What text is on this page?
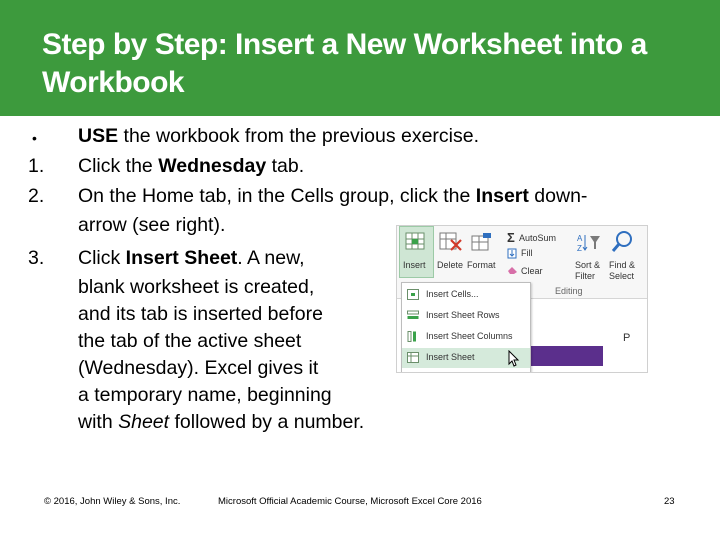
Step by Step: Insert a New Worksheet into a Workbook
•	USE the workbook from the previous exercise.
1.	Click the Wednesday tab.
2.	On the Home tab, in the Cells group, click the Insert down-
arrow (see right).
3.	Click Insert Sheet. A new,
blank worksheet is created,
and its tab is inserted before
the tab of the active sheet
(Wednesday). Excel gives it
a temporary name, beginning
with Sheet followed by a number.
Insert Delete Format
Σ AutoSum
Fill
Clear
A
Z
Sort &
Filter
Find &
Select
Editing
P
Insert Cells...
Insert Sheet Rows
Insert Sheet Columns
Insert Sheet
© 2016, John Wiley & Sons, Inc.	Microsoft Official Academic Course, Microsoft Excel Core 2016	23
